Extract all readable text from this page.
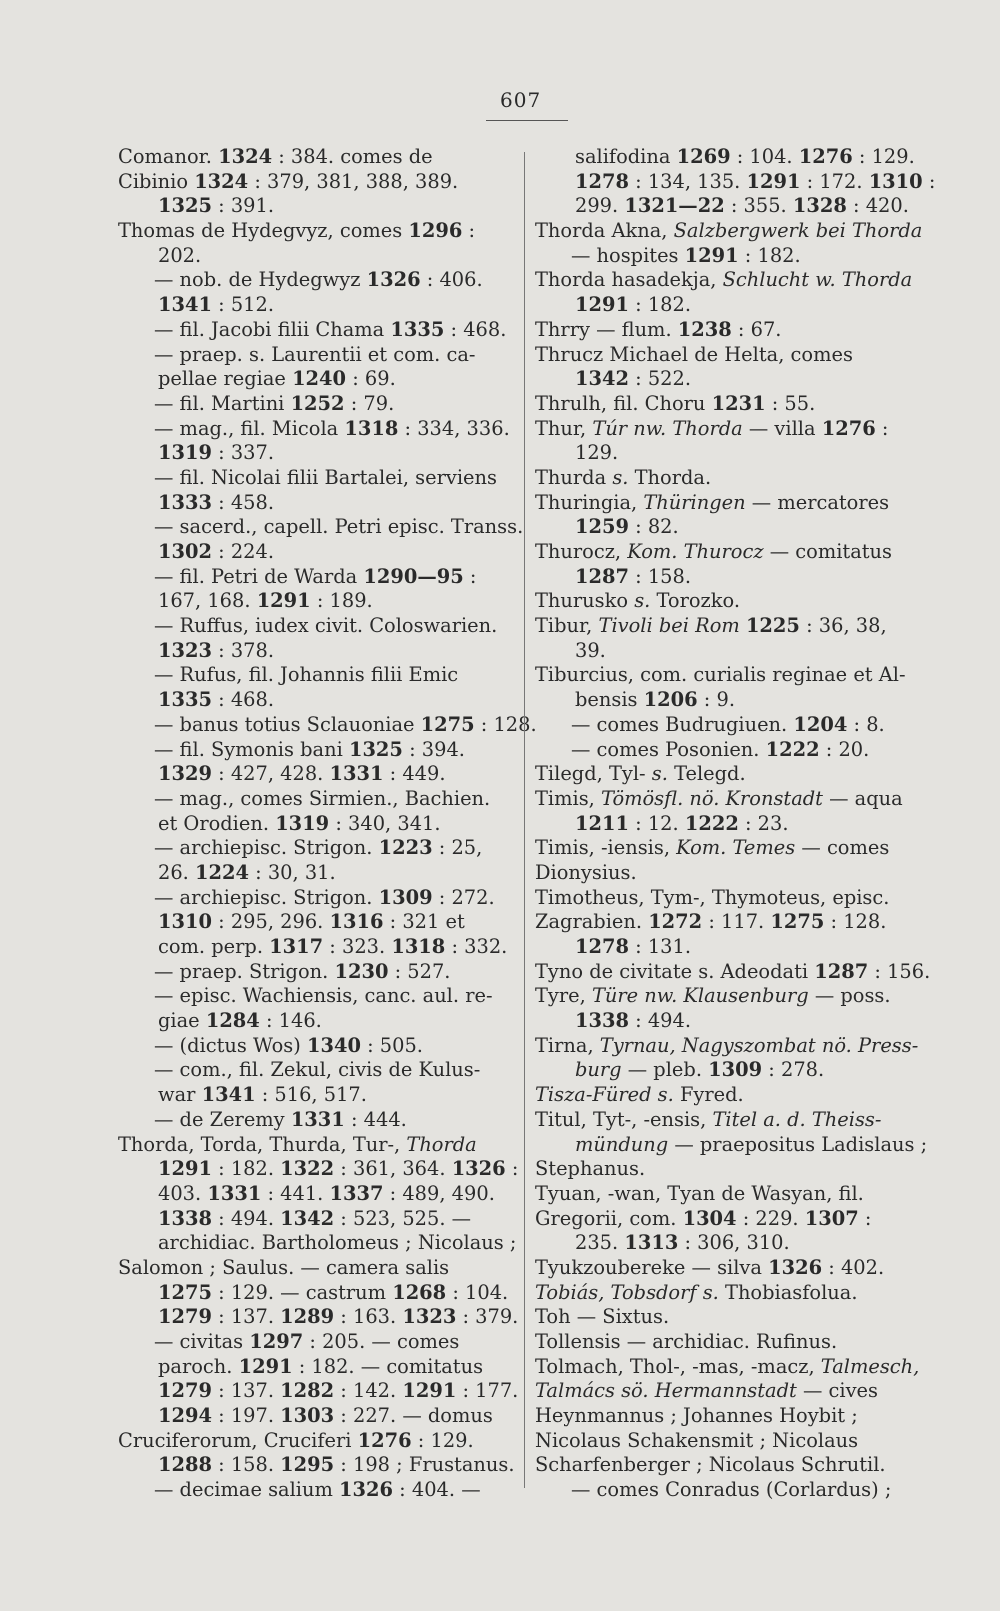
607
Comanor. 1324 : 384. comes de
Cibinio 1324 : 379, 381, 388, 389.
1325 : 391.
Thomas de Hydegvyz, comes 1296 :
202.
— nob. de Hydegwyz 1326 : 406.
1341 : 512.
— fil. Jacobi filii Chama 1335 : 468.
— praep. s. Laurentii et com. ca-
pellae regiae 1240 : 69.
— fil. Martini 1252 : 79.
— mag., fil. Micola 1318 : 334, 336.
1319 : 337.
— fil. Nicolai filii Bartalei, serviens
1333 : 458.
— sacerd., capell. Petri episc. Transs.
1302 : 224.
— fil. Petri de Warda 1290—95 :
167, 168. 1291 : 189.
— Ruffus, iudex civit. Coloswarien.
1323 : 378.
— Rufus, fil. Johannis filii Emic
1335 : 468.
— banus totius Sclauoniae 1275 : 128.
— fil. Symonis bani 1325 : 394.
1329 : 427, 428. 1331 : 449.
— mag., comes Sirmien., Bachien.
et Orodien. 1319 : 340, 341.
— archiepisc. Strigon. 1223 : 25,
26. 1224 : 30, 31.
— archiepisc. Strigon. 1309 : 272.
1310 : 295, 296. 1316 : 321 et
com. perp. 1317 : 323. 1318 : 332.
— praep. Strigon. 1230 : 527.
— episc. Wachiensis, canc. aul. re-
giae 1284 : 146.
— (dictus Wos) 1340 : 505.
— com., fil. Zekul, civis de Kulus-
war 1341 : 516, 517.
— de Zeremy 1331 : 444.
Thorda, Torda, Thurda, Tur-, Thorda
1291 : 182. 1322 : 361, 364. 1326 :
403. 1331 : 441. 1337 : 489, 490.
1338 : 494. 1342 : 523, 525. —
archidiac. Bartholomeus ; Nicolaus ;
Salomon ; Saulus. — camera salis
1275 : 129. — castrum 1268 : 104.
1279 : 137. 1289 : 163. 1323 : 379.
— civitas 1297 : 205. — comes
paroch. 1291 : 182. — comitatus
1279 : 137. 1282 : 142. 1291 : 177.
1294 : 197. 1303 : 227. — domus
Cruciferorum, Cruciferi 1276 : 129.
1288 : 158. 1295 : 198 ; Frustanus.
— decimae salium 1326 : 404. —
salifodina 1269 : 104. 1276 : 129.
1278 : 134, 135. 1291 : 172. 1310 :
299. 1321—22 : 355. 1328 : 420.
Thorda Akna, Salzbergwerk bei Thorda
— hospites 1291 : 182.
Thorda hasadekja, Schlucht w. Thorda
1291 : 182.
Thrry — flum. 1238 : 67.
Thrucz Michael de Helta, comes
1342 : 522.
Thrulh, fil. Choru 1231 : 55.
Thur, Túr nw. Thorda — villa 1276 :
129.
Thurda s. Thorda.
Thuringia, Thüringen — mercatores
1259 : 82.
Thurocz, Kom. Thurocz — comitatus
1287 : 158.
Thurusko s. Torozko.
Tibur, Tivoli bei Rom 1225 : 36, 38,
39.
Tiburcius, com. curialis reginae et Al-
bensis 1206 : 9.
— comes Budrugiuen. 1204 : 8.
— comes Posonien. 1222 : 20.
Tilegd, Tyl- s. Telegd.
Timis, Tömösfl. nö. Kronstadt — aqua
1211 : 12. 1222 : 23.
Timis, -iensis, Kom. Temes — comes
Dionysius.
Timotheus, Tym-, Thymoteus, episc.
Zagrabien. 1272 : 117. 1275 : 128.
1278 : 131.
Tyno de civitate s. Adeodati 1287 : 156.
Tyre, Türe nw. Klausenburg — poss.
1338 : 494.
Tirna, Tyrnau, Nagyszombat nö. Press-
burg — pleb. 1309 : 278.
Tisza-Füred s. Fyred.
Titul, Tyt-, -ensis, Titel a. d. Theiss-
mündung — praepositus Ladislaus ;
Stephanus.
Tyuan, -wan, Tyan de Wasyan, fil.
Gregorii, com. 1304 : 229. 1307 :
235. 1313 : 306, 310.
Tyukzoubereke — silva 1326 : 402.
Tobiás, Tobsdorf s. Thobiasfolua.
Toh — Sixtus.
Tollensis — archidiac. Rufinus.
Tolmach, Thol-, -mas, -macz, Talmesch,
Talmács sö. Hermannstadt — cives
Heynmannus ; Johannes Hoybit ;
Nicolaus Schakensmit ; Nicolaus
Scharfenberger ; Nicolaus Schrutil.
— comes Conradus (Corlardus) ;
